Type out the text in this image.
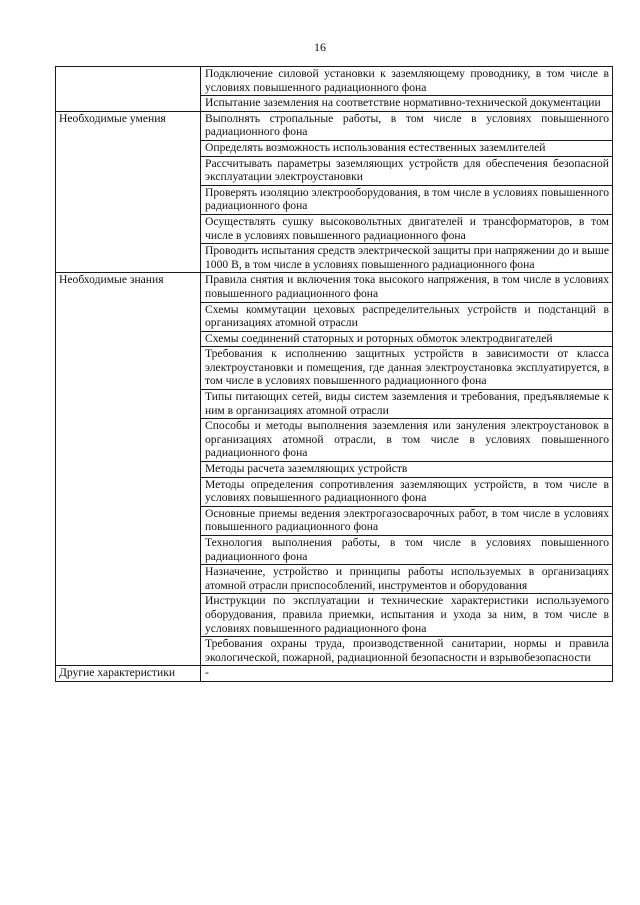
16
	Подключение силовой установки к заземляющему проводнику, в том числе в условиях повышенного радиационного фона
	Испытание заземления на соответствие нормативно-технической документации
Необходимые умения	Выполнять стропальные работы, в том числе в условиях повышенного радиационного фона
	Определять возможность использования естественных заземлителей
	Рассчитывать параметры заземляющих устройств для обеспечения безопасной эксплуатации электроустановки
	Проверять изоляцию электрооборудования, в том числе в условиях повышенного радиационного фона
	Осуществлять сушку высоковольтных двигателей и трансформаторов, в том числе в условиях повышенного радиационного фона
	Проводить испытания средств электрической защиты при напряжении до и выше 1000 В, в том числе в условиях повышенного радиационного фона
Необходимые знания	Правила снятия и включения тока высокого напряжения, в том числе в условиях повышенного радиационного фона
	Схемы коммутации цеховых распределительных устройств и подстанций в организациях атомной отрасли
	Схемы соединений статорных и роторных обмоток электродвигателей
	Требования к исполнению защитных устройств в зависимости от класса электроустановки и помещения, где данная электроустановка эксплуатируется, в том числе в условиях повышенного радиационного фона
	Типы питающих сетей, виды систем заземления и требования, предъявляемые к ним в организациях атомной отрасли
	Способы и методы выполнения заземления или зануления электроустановок в организациях атомной отрасли, в том числе в условиях повышенного радиационного фона
	Методы расчета заземляющих устройств
	Методы определения сопротивления заземляющих устройств, в том числе в условиях повышенного радиационного фона
	Основные приемы ведения электрогазосварочных работ, в том числе в условиях повышенного радиационного фона
	Технология выполнения работы, в том числе в условиях повышенного радиационного фона
	Назначение, устройство и принципы работы используемых в организациях атомной отрасли приспособлений, инструментов и оборудования
	Инструкции по эксплуатации и технические характеристики используемого оборудования, правила приемки, испытания и ухода за ним, в том числе в условиях повышенного радиационного фона
	Требования охраны труда, производственной санитарии, нормы и правила экологической, пожарной, радиационной безопасности и взрывобезопасности
Другие характеристики	-
